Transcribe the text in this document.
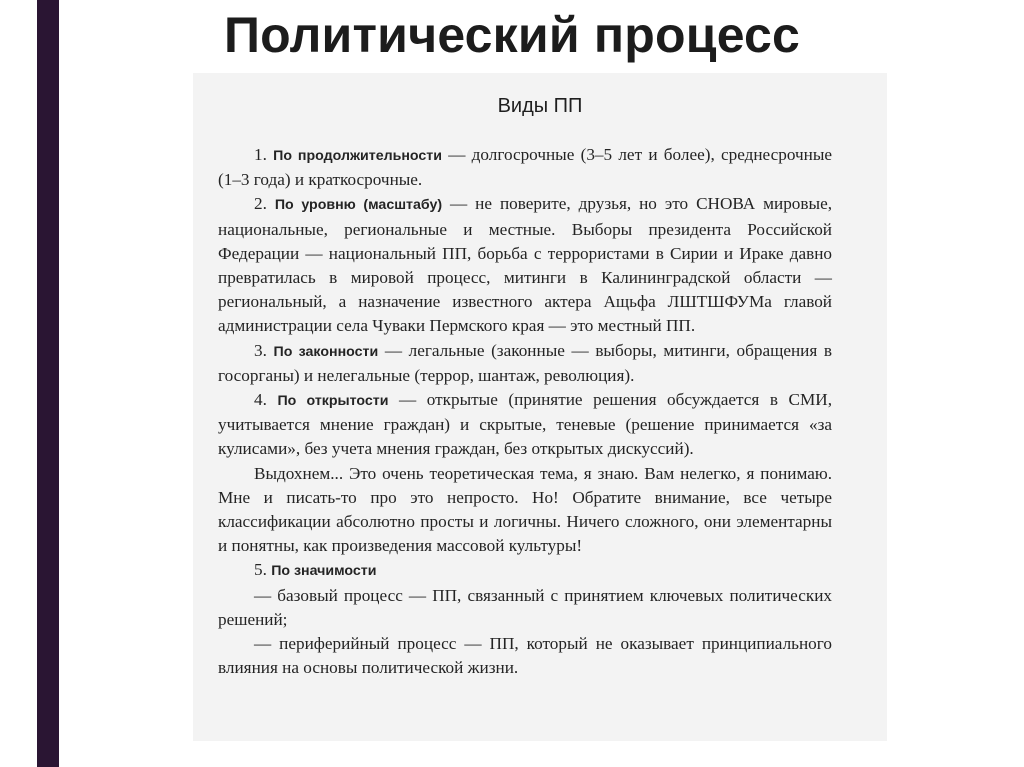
Политический процесс
Виды ПП

1. По продолжительности — долгосрочные (3–5 лет и более), среднесрочные (1–3 года) и краткосрочные.

2. По уровню (масштабу) — не поверите, друзья, но это СНОВА мировые, национальные, региональные и местные. Выборы президента Российской Федерации — национальный ПП, борьба с террористами в Сирии и Ираке давно превратилась в мировой процесс, митинги в Калининградской области — региональный, а назначение известного актера Ащьфа ЛШТШФУМа главой администрации села Чуваки Пермского края — это местный ПП.

3. По законности — легальные (законные — выборы, митинги, обращения в госорганы) и нелегальные (террор, шантаж, революция).

4. По открытости — открытые (принятие решения обсуждается в СМИ, учитывается мнение граждан) и скрытые, теневые (решение принимается «за кулисами», без учета мнения граждан, без открытых дискуссий).

Выдохнем... Это очень теоретическая тема, я знаю. Вам нелегко, я понимаю. Мне и писать-то про это непросто. Но! Обратите внимание, все четыре классификации абсолютно просты и логичны. Ничего сложного, они элементарны и понятны, как произведения массовой культуры!

5. По значимости

— базовый процесс — ПП, связанный с принятием ключевых политических решений;

— периферийный процесс — ПП, который не оказывает принципиального влияния на основы политической жизни.
